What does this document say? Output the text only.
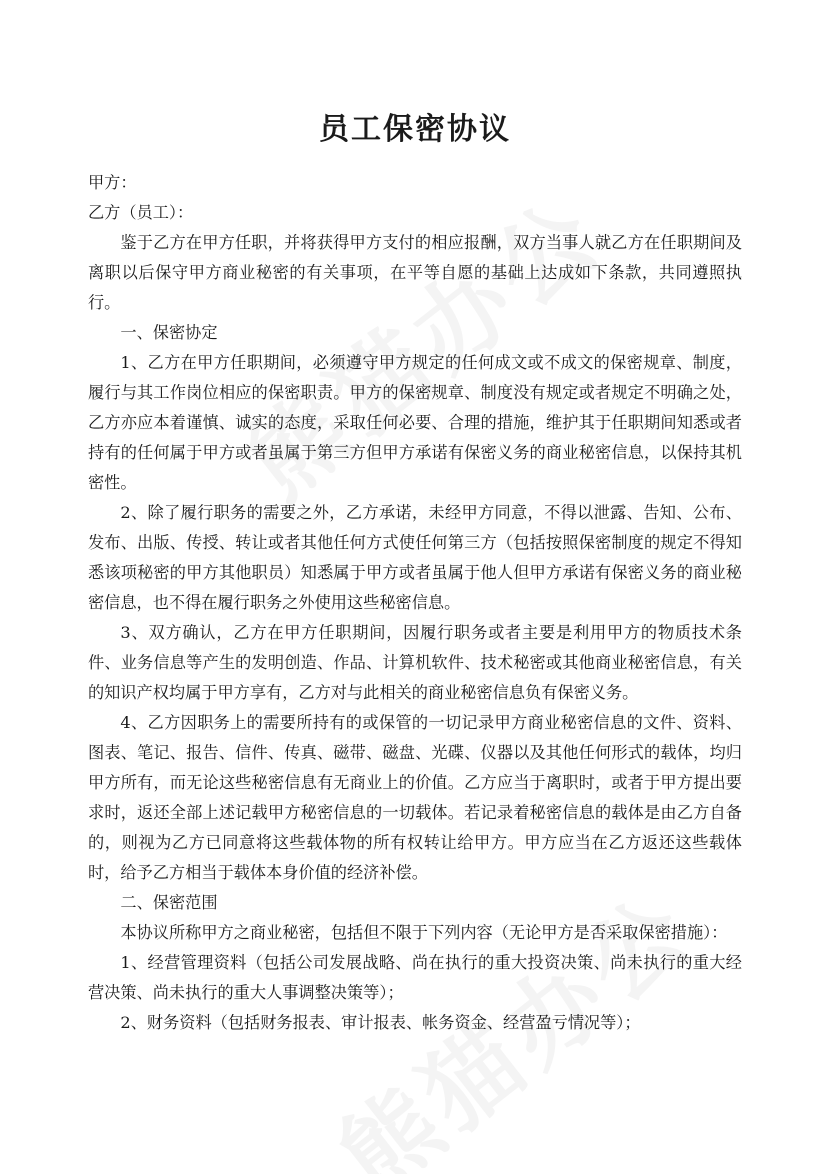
员工保密协议

甲方：

乙方（员工）：

鉴于乙方在甲方任职，并将获得甲方支付的相应报酬，双方当事人就乙方在任职期间及离职以后保守甲方商业秘密的有关事项，在平等自愿的基础上达成如下条款，共同遵照执行。

一、保密协定

1、乙方在甲方任职期间，必须遵守甲方规定的任何成文或不成文的保密规章、制度，履行与其工作岗位相应的保密职责。甲方的保密规章、制度没有规定或者规定不明确之处，乙方亦应本着谨慎、诚实的态度，采取任何必要、合理的措施，维护其于任职期间知悉或者持有的任何属于甲方或者虽属于第三方但甲方承诺有保密义务的商业秘密信息，以保持其机密性。

2、除了履行职务的需要之外，乙方承诺，未经甲方同意，不得以泄露、告知、公布、发布、出版、传授、转让或者其他任何方式使任何第三方（包括按照保密制度的规定不得知悉该项秘密的甲方其他职员）知悉属于甲方或者虽属于他人但甲方承诺有保密义务的商业秘密信息，也不得在履行职务之外使用这些秘密信息。

3、双方确认，乙方在甲方任职期间，因履行职务或者主要是利用甲方的物质技术条件、业务信息等产生的发明创造、作品、计算机软件、技术秘密或其他商业秘密信息，有关的知识产权均属于甲方享有，乙方对与此相关的商业秘密信息负有保密义务。

4、乙方因职务上的需要所持有的或保管的一切记录甲方商业秘密信息的文件、资料、图表、笔记、报告、信件、传真、磁带、磁盘、光碟、仪器以及其他任何形式的载体，均归甲方所有，而无论这些秘密信息有无商业上的价值。乙方应当于离职时，或者于甲方提出要求时，返还全部上述记载甲方秘密信息的一切载体。若记录着秘密信息的载体是由乙方自备的，则视为乙方已同意将这些载体物的所有权转让给甲方。甲方应当在乙方返还这些载体时，给予乙方相当于载体本身价值的经济补偿。

二、保密范围

本协议所称甲方之商业秘密，包括但不限于下列内容（无论甲方是否采取保密措施）：

1、经营管理资料（包括公司发展战略、尚在执行的重大投资决策、尚未执行的重大经营决策、尚未执行的重大人事调整决策等）；

2、财务资料（包括财务报表、审计报表、帐务资金、经营盈亏情况等）；
